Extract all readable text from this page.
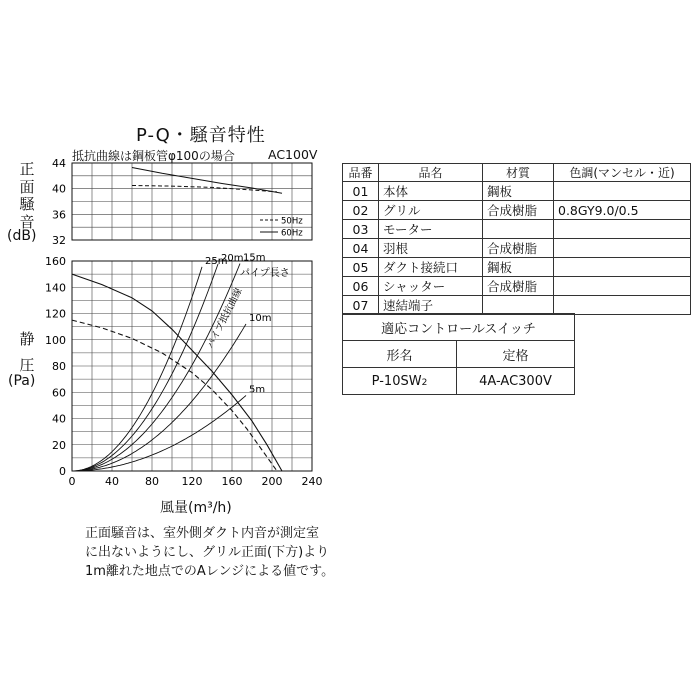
P-Q・騒音特性
抵抗曲線は鋼板管φ100の場合	AC100V
正
面
騒
音
(dB)
静
圧
(Pa)
風量(m³/h)
32
36
40
44
0
20
40
60
80
100
120
140
160
0	40 80 120 160 200 240
25m
20m 15m
10m
5m
パイプ長さ
パイプ抵抗曲線
50Hz
60Hz
品番	品名	材質	色調(マンセル・近)
01	本体	鋼板	
02	グリル	合成樹脂	0.8GY9.0/0.5
03	モーター		
04	羽根	合成樹脂	
05	ダクト接続口	鋼板	
06	シャッター	合成樹脂	
07	速結端子		
適応コントロールスイッチ	
形名	定格
P-10SW2	4A-AC300V
正面騒音は、室外側ダクト内音が測定室
に出ないようにし、グリル正面(下方)より
1m離れた地点でのAレンジによる値です。
